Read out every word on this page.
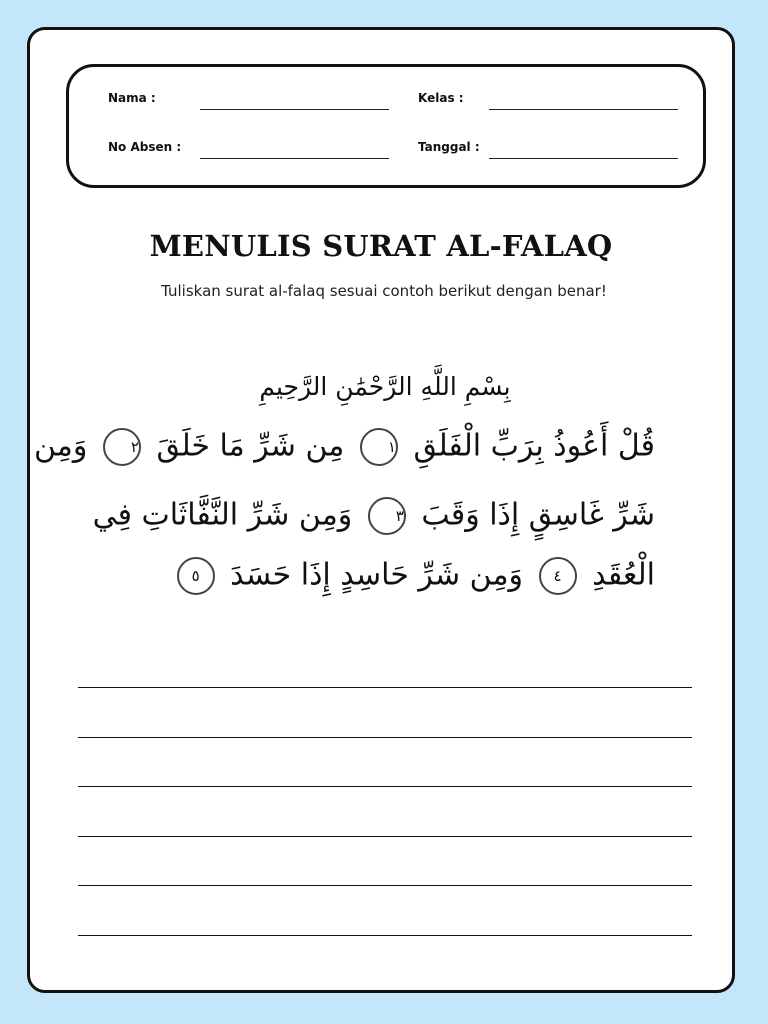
Nama :	Kelas :
No Absen :	Tanggal :
MENULIS SURAT AL-FALAQ
Tuliskan surat al-falaq sesuai contoh berikut dengan benar!
بِسْمِ اللَّهِ الرَّحْمَٰنِ الرَّحِيمِ
قُلْ أَعُوذُ بِرَبِّ الْفَلَقِ ١ مِن شَرِّ مَا خَلَقَ ٢ وَمِن
شَرِّ غَاسِقٍ إِذَا وَقَبَ ٣ وَمِن شَرِّ النَّفَّاثَاتِ فِي
الْعُقَدِ ٤ وَمِن شَرِّ حَاسِدٍ إِذَا حَسَدَ ٥
